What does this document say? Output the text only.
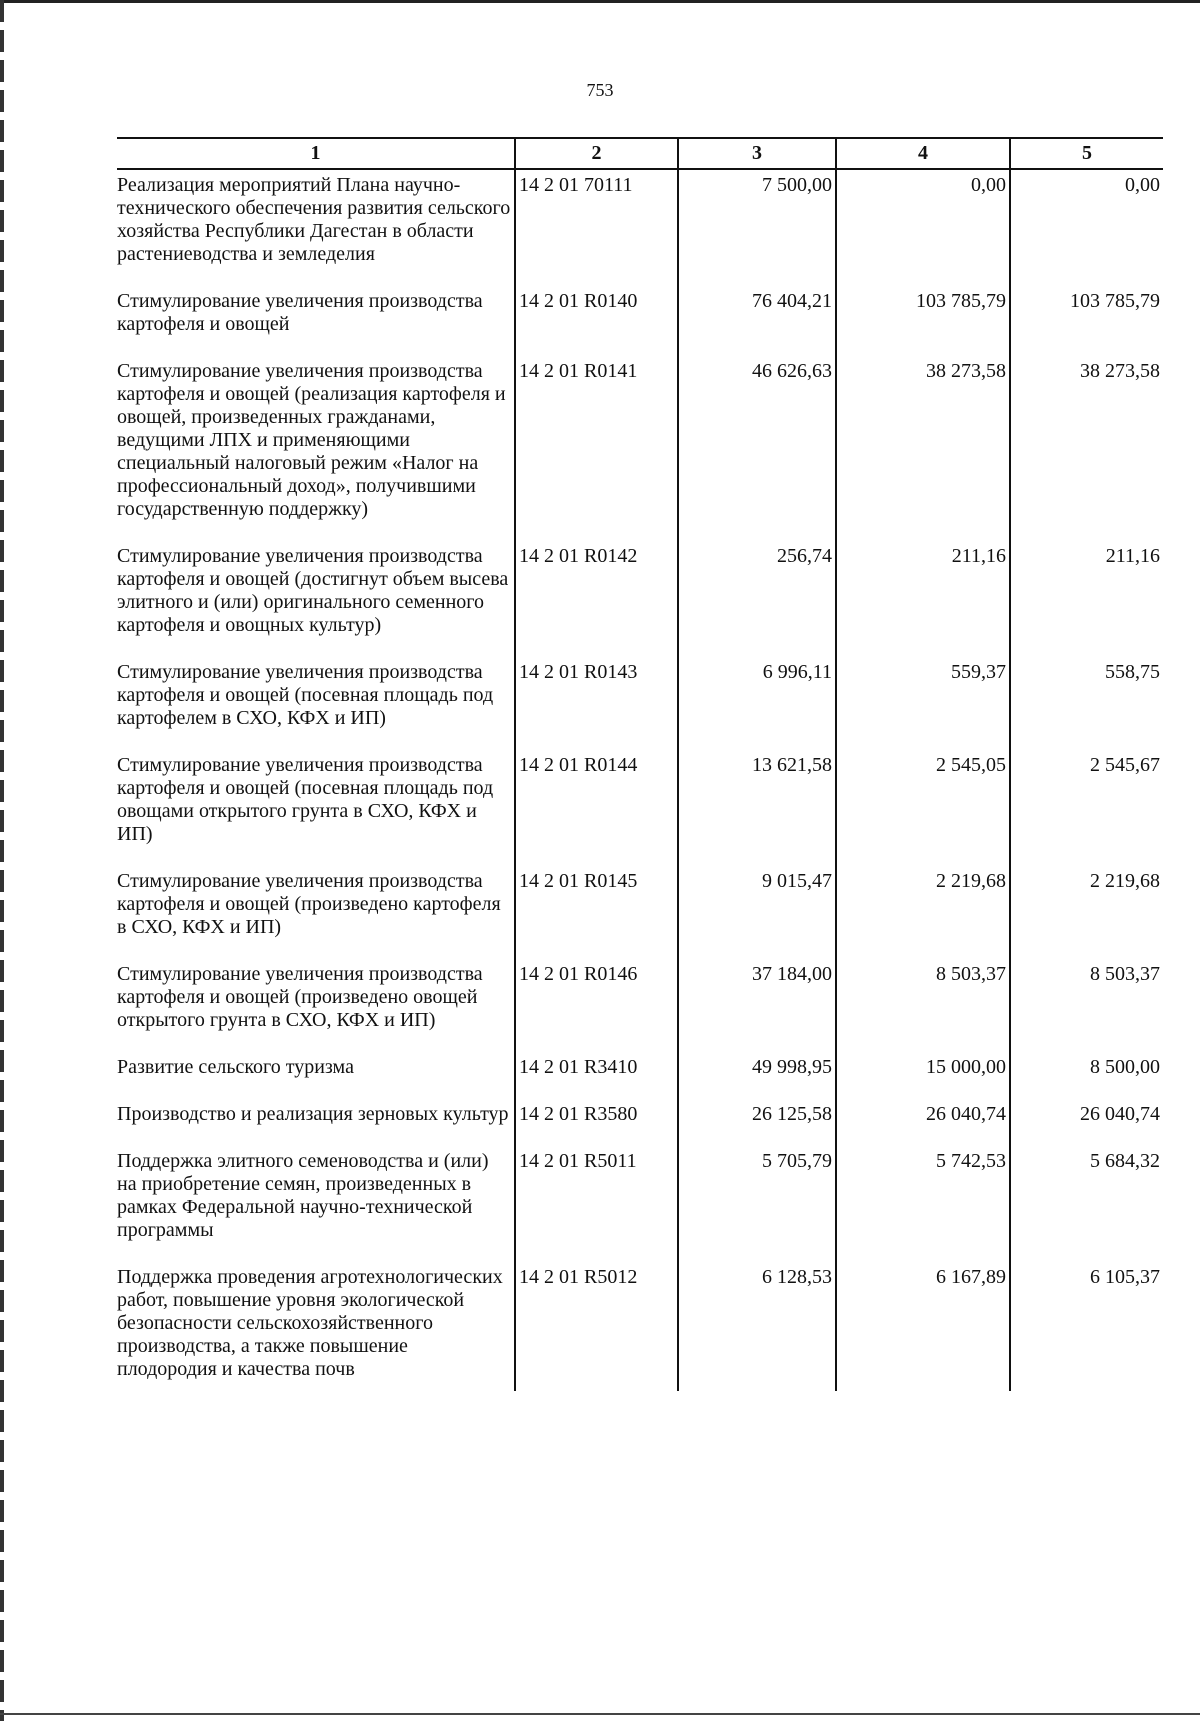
753
1	2	3	4	5
Реализация мероприятий Плана научно-технического обеспечения развития сельского хозяйства Республики Дагестан в области растениеводства и земледелия	14 2 01 70111	7 500,00	0,00	0,00
Стимулирование увеличения производства картофеля и овощей	14 2 01 R0140	76 404,21	103 785,79	103 785,79
Стимулирование увеличения производства картофеля и овощей (реализация картофеля и овощей, произведенных гражданами, ведущими ЛПХ и применяющими специальный налоговый режим «Налог на профессиональный доход», получившими государственную поддержку)	14 2 01 R0141	46 626,63	38 273,58	38 273,58
Стимулирование увеличения производства картофеля и овощей (достигнут объем высева элитного и (или) оригинального семенного картофеля и овощных культур)	14 2 01 R0142	256,74	211,16	211,16
Стимулирование увеличения производства картофеля и овощей (посевная площадь под картофелем в СХО, КФХ и ИП)	14 2 01 R0143	6 996,11	559,37	558,75
Стимулирование увеличения производства картофеля и овощей (посевная площадь под овощами открытого грунта в СХО, КФХ и ИП)	14 2 01 R0144	13 621,58	2 545,05	2 545,67
Стимулирование увеличения производства картофеля и овощей (произведено картофеля в СХО, КФХ и ИП)	14 2 01 R0145	9 015,47	2 219,68	2 219,68
Стимулирование увеличения производства картофеля и овощей (произведено овощей открытого грунта в СХО, КФХ и ИП)	14 2 01 R0146	37 184,00	8 503,37	8 503,37
Развитие сельского туризма	14 2 01 R3410	49 998,95	15 000,00	8 500,00
Производство и реализация зерновых культур	14 2 01 R3580	26 125,58	26 040,74	26 040,74
Поддержка элитного семеноводства и (или) на приобретение семян, произведенных в рамках Федеральной научно-технической программы	14 2 01 R5011	5 705,79	5 742,53	5 684,32
Поддержка проведения агротехнологических работ, повышение уровня экологической безопасности сельскохозяйственного производства, а также повышение плодородия и качества почв	14 2 01 R5012	6 128,53	6 167,89	6 105,37
